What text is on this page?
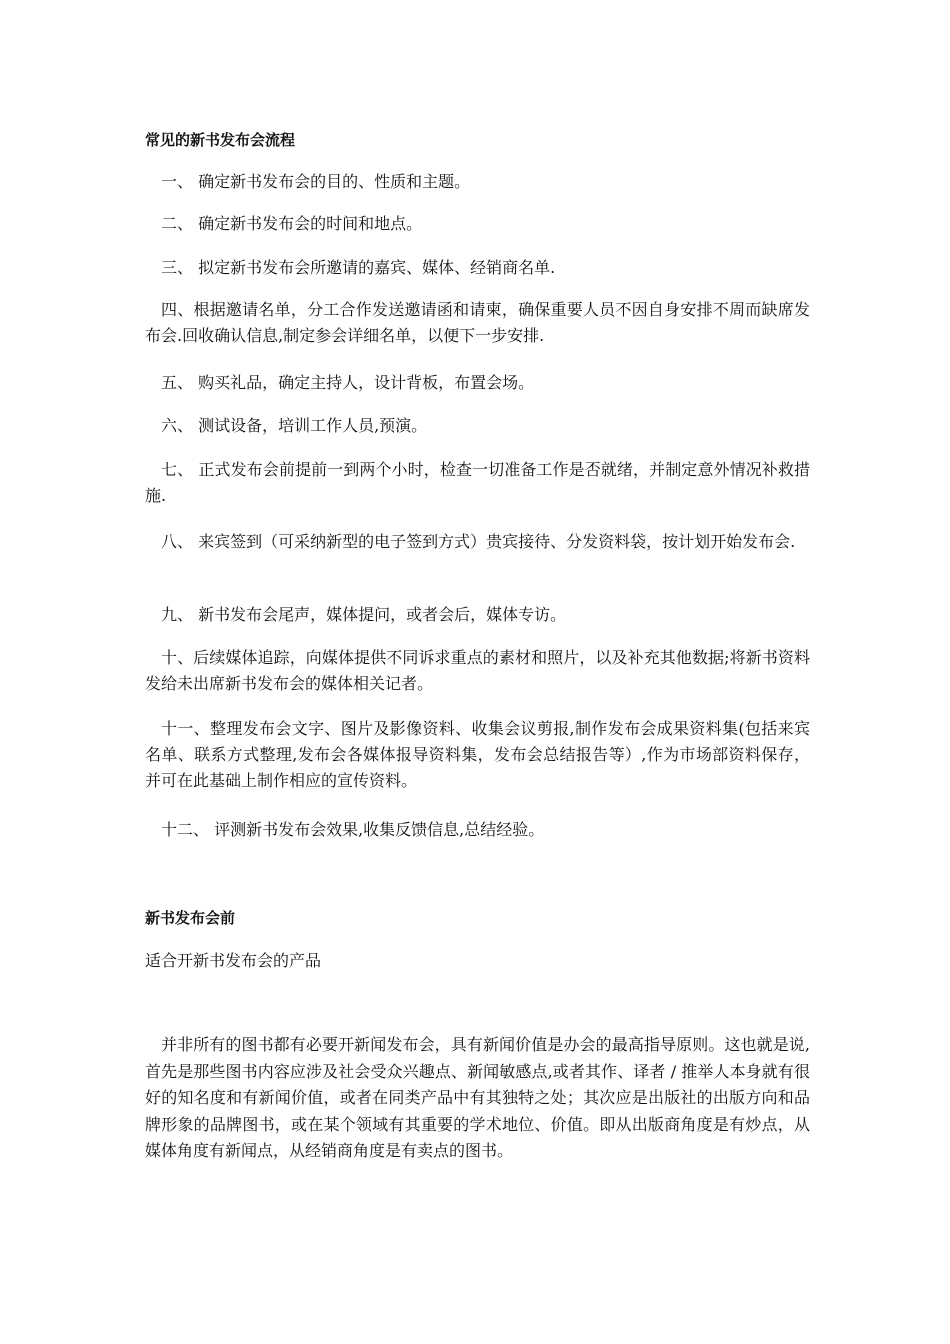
常见的新书发布会流程

一、 确定新书发布会的目的、性质和主题。

二、 确定新书发布会的时间和地点。

三、 拟定新书发布会所邀请的嘉宾、媒体、经销商名单.

四、根据邀请名单，分工合作发送邀请函和请柬，确保重要人员不因自身安排不周而缺席发布会.回收确认信息,制定参会详细名单，以便下一步安排.

五、 购买礼品，确定主持人，设计背板，布置会场。

六、 测试设备，培训工作人员,预演。

七、 正式发布会前提前一到两个小时，检查一切准备工作是否就绪，并制定意外情况补救措施.

八、 来宾签到（可采纳新型的电子签到方式）贵宾接待、分发资料袋，按计划开始发布会.

九、 新书发布会尾声，媒体提问，或者会后，媒体专访。

十、后续媒体追踪，向媒体提供不同诉求重点的素材和照片，以及补充其他数据;将新书资料发给未出席新书发布会的媒体相关记者。

十一、整理发布会文字、图片及影像资料、收集会议剪报,制作发布会成果资料集(包括来宾名单、联系方式整理,发布会各媒体报导资料集，发布会总结报告等）,作为市场部资料保存，并可在此基础上制作相应的宣传资料。

十二、 评测新书发布会效果,收集反馈信息,总结经验。

新书发布会前

适合开新书发布会的产品

并非所有的图书都有必要开新闻发布会，具有新闻价值是办会的最高指导原则。这也就是说,首先是那些图书内容应涉及社会受众兴趣点、新闻敏感点,或者其作、译者 / 推举人本身就有很好的知名度和有新闻价值，或者在同类产品中有其独特之处；其次应是出版社的出版方向和品牌形象的品牌图书，或在某个领域有其重要的学术地位、价值。即从出版商角度是有炒点，从媒体角度有新闻点，从经销商角度是有卖点的图书。
